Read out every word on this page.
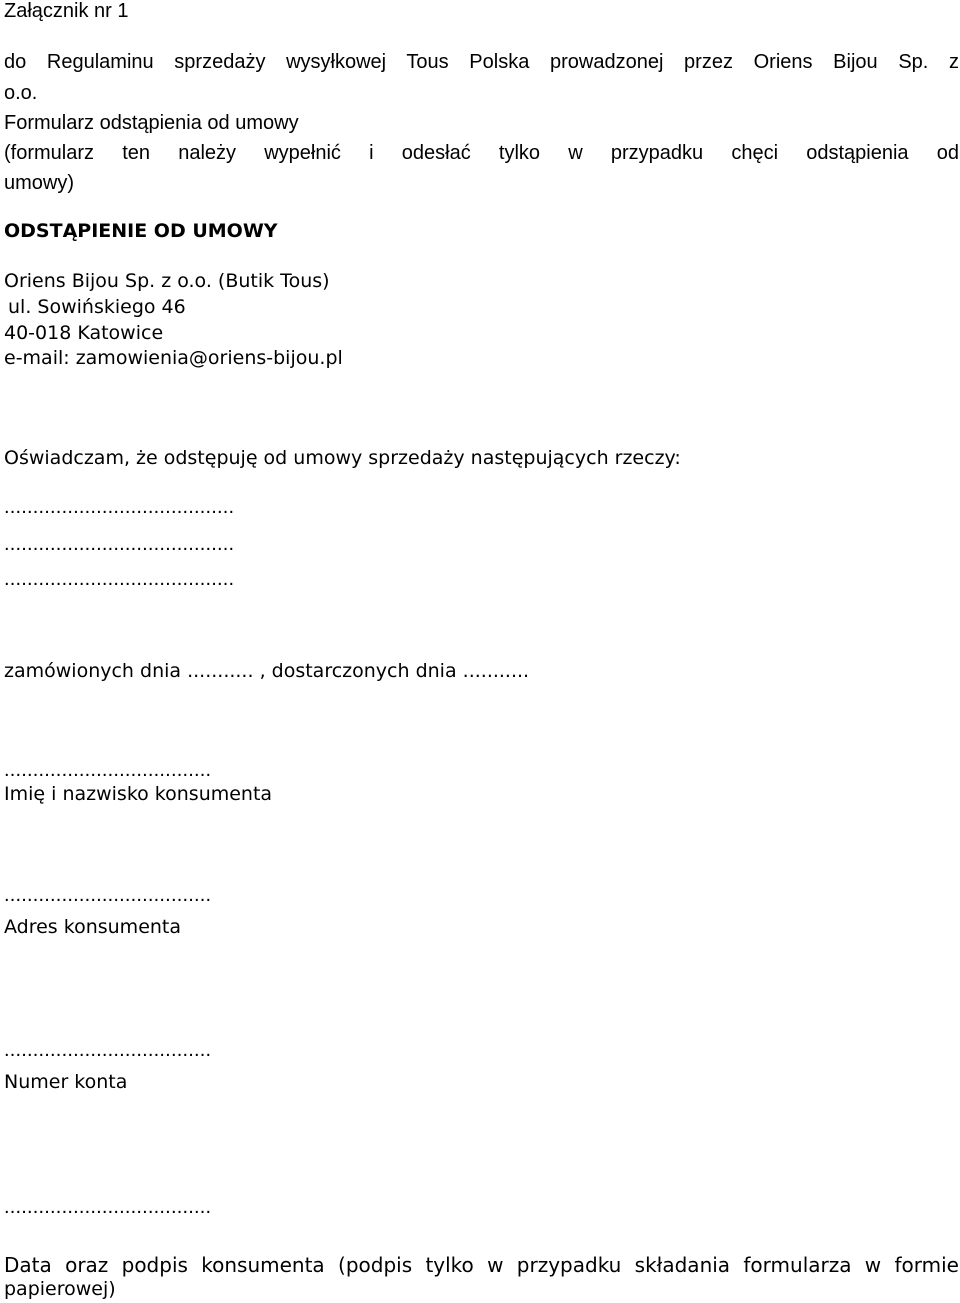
Załącznik nr 1
do Regulaminu sprzedaży wysyłkowej Tous Polska prowadzonej przez Oriens Bijou Sp. z
o.o.
Formularz odstąpienia od umowy
(formularz ten należy wypełnić i odesłać tylko w przypadku chęci odstąpienia od
umowy)
ODSTĄPIENIE OD UMOWY
Oriens Bijou Sp. z o.o. (Butik Tous)
ul. Sowińskiego 46
40-018 Katowice
e-mail: zamowienia@oriens-bijou.pl
Oświadczam, że odstępuję od umowy sprzedaży następujących rzeczy:
........................................
........................................
........................................
zamówionych dnia ........... , dostarczonych dnia ...........
....................................
Imię i nazwisko konsumenta
....................................
Adres konsumenta
....................................
Numer konta
....................................
Data oraz podpis konsumenta (podpis tylko w przypadku składania formularza w formie
papierowej)
